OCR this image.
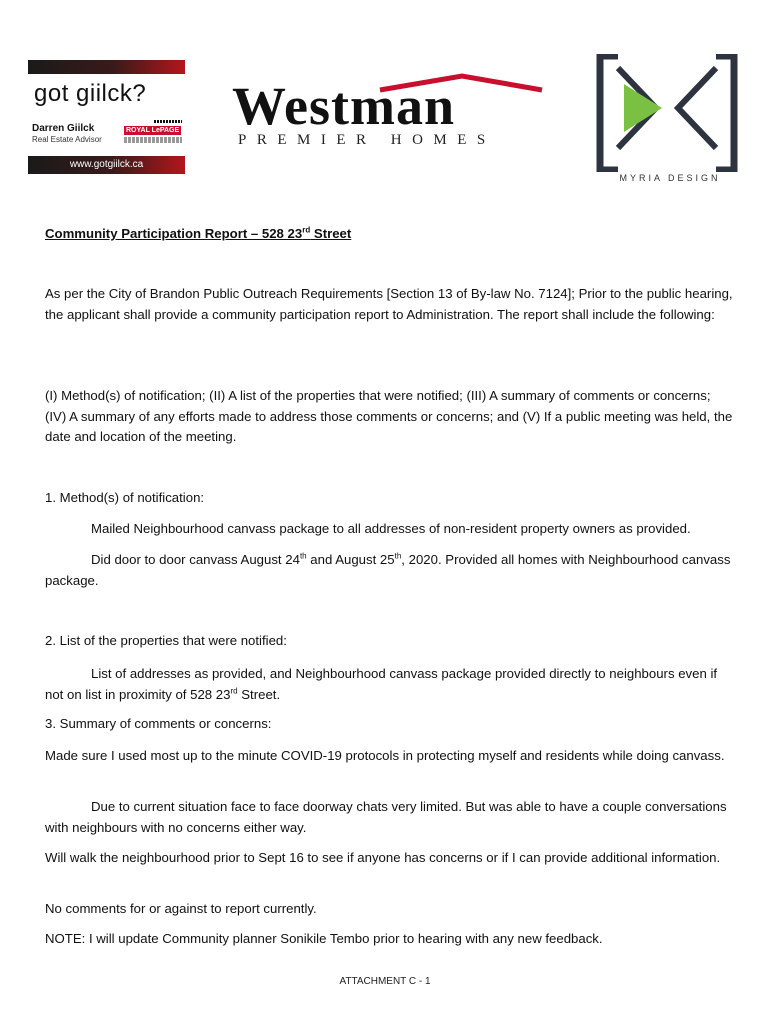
got giilck?
Darren Giilck
Real Estate Advisor
ROYAL LePAGE
www.gotgiilck.ca
Westman
PREMIER HOMES
MYRIA DESIGN
Community Participation Report – 528 23rd Street
As per the City of Brandon Public Outreach Requirements [Section 13 of By-law No. 7124]; Prior to the public hearing, the applicant shall provide a community participation report to Administration. The report shall include the following:
(I) Method(s) of notification; (II) A list of the properties that were notified; (III) A summary of comments or concerns; (IV) A summary of any efforts made to address those comments or concerns; and (V) If a public meeting was held, the date and location of the meeting.
1. Method(s) of notification:
Mailed Neighbourhood canvass package to all addresses of non-resident property owners as provided.
Did door to door canvass August 24th and August 25th, 2020. Provided all homes with Neighbourhood canvass package.
2. List of the properties that were notified:
List of addresses as provided, and Neighbourhood canvass package provided directly to neighbours even if not on list in proximity of 528 23rd Street.
3. Summary of comments or concerns:
Made sure I used most up to the minute COVID-19 protocols in protecting myself and residents while doing canvass.
Due to current situation face to face doorway chats very limited. But was able to have a couple conversations with neighbours with no concerns either way.
Will walk the neighbourhood prior to Sept 16 to see if anyone has concerns or if I can provide additional information.
No comments for or against to report currently.
NOTE: I will update Community planner Sonikile Tembo prior to hearing with any new feedback.
ATTACHMENT C - 1
